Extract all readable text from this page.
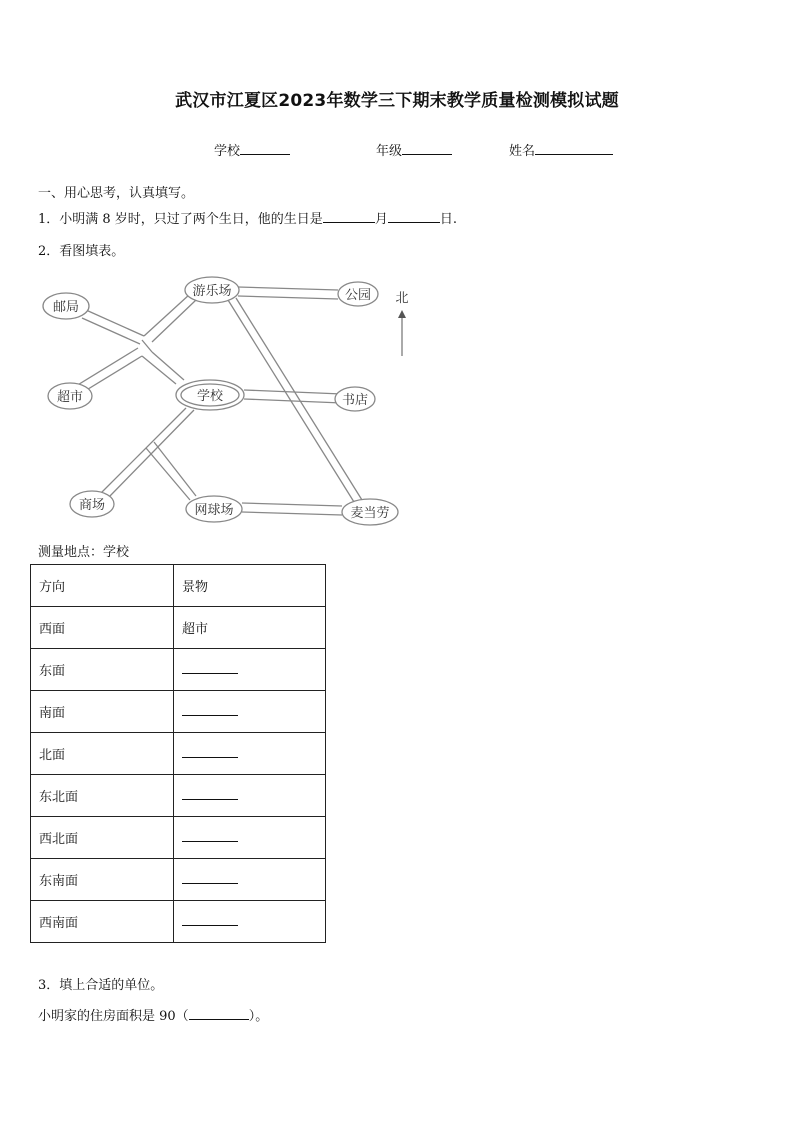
武汉市江夏区2023年数学三下期末教学质量检测模拟试题
学校	年级	姓名
一、用心思考，认真填写。
1．小明满 8 岁时，只过了两个生日，他的生日是	月	日.
2．看图填表。
邮局
游乐场	公园
超市	学校	书店
商场	网球场	麦当劳
北
测量地点：学校
方向	景物
西面	超市
东面	
南面	
北面	
东北面	
西北面	
东南面	
西南面	
3．填上合适的单位。
小明家的住房面积是 90（	）。
